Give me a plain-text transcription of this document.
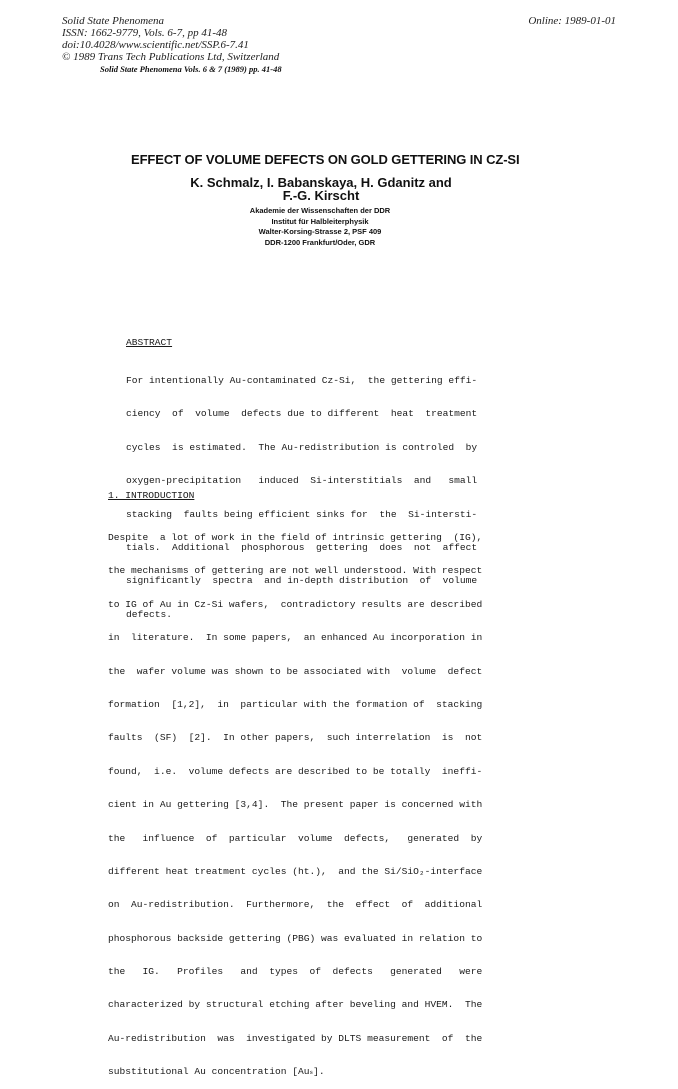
Solid State Phenomena
ISSN: 1662-9779, Vols. 6-7, pp 41-48
doi:10.4028/www.scientific.net/SSP.6-7.41
© 1989 Trans Tech Publications Ltd, Switzerland
Online: 1989-01-01
Solid State Phenomena Vols. 6 & 7 (1989) pp. 41-48
EFFECT OF VOLUME DEFECTS ON GOLD GETTERING IN CZ-SI
K. Schmalz, I. Babanskaya, H. Gdanitz and
F.-G. Kirscht
Akademie der Wissenschaften der DDR
Institut für Halbleiterphysik
Walter-Korsing-Strasse 2, PSF 409
DDR-1200 Frankfurt/Oder, GDR
ABSTRACT

For intentionally Au-contaminated Cz-Si,  the gettering effi-

ciency  of  volume  defects due to different  heat  treatment

cycles  is estimated.  The Au-redistribution is controled  by

oxygen-precipitation   induced  Si-interstitials  and   small

stacking  faults being efficient sinks for  the  Si-intersti-

tials.  Additional  phosphorous  gettering  does  not  affect

significantly  spectra  and in-depth distribution  of  volume

defects.

1. INTRODUCTION

Despite  a lot of work in the field of intrinsic gettering  (IG),

the mechanisms of gettering are not well understood. With respect

to IG of Au in Cz-Si wafers,  contradictory results are described

in  literature.  In some papers,  an enhanced Au incorporation in

the  wafer volume was shown to be associated with  volume  defect

formation  [1,2],  in  particular with the formation of  stacking

faults  (SF)  [2].  In other papers,  such interrelation  is  not

found,  i.e.  volume defects are described to be totally  ineffi-

cient in Au gettering [3,4].  The present paper is concerned with

the   influence  of  particular  volume  defects,   generated  by

different heat treatment cycles (ht.),  and the Si/SiO₂-interface

on  Au-redistribution.  Furthermore,  the  effect  of  additional

phosphorous backside gettering (PBG) was evaluated in relation to

the   IG.   Profiles   and  types  of  defects   generated   were

characterized by structural etching after beveling and HVEM.  The

Au-redistribution  was  investigated by DLTS measurement  of  the

substitutional Au concentration [Auₛ].
